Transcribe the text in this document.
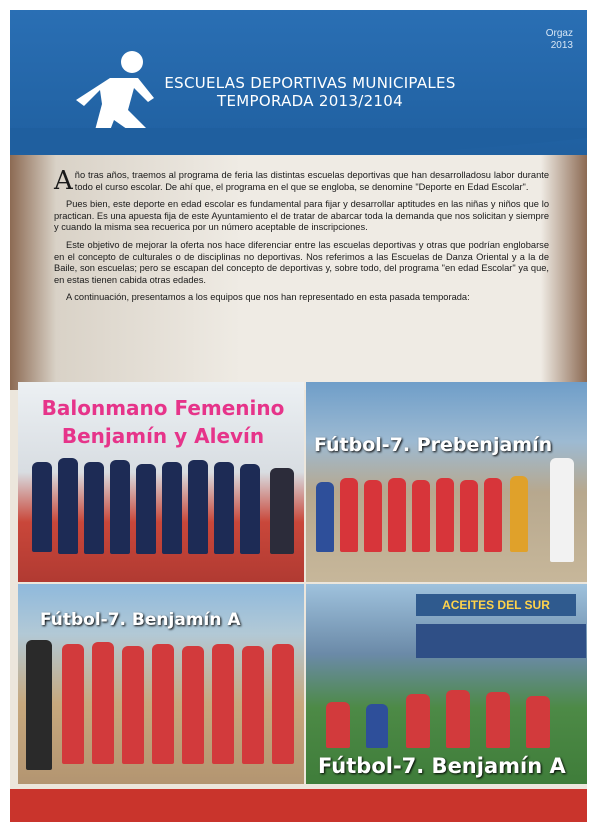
ESCUELAS DEPORTIVAS MUNICIPALES
TEMPORADA 2013/2104
Orgaz
2013

Año tras años, traemos al programa de feria las distintas escuelas deportivas que han desarrolladosu labor durante todo el curso escolar. De ahí que, el programa en el que se engloba, se denomine "Deporte en Edad Escolar".

Pues bien, este deporte en edad escolar es fundamental para fijar y desarrollar aptitudes en las niñas y niños que lo practican. Es una apuesta fija de este Ayuntamiento el de tratar de abarcar toda la demanda que nos solicitan y siempre y cuando la misma sea recuerica por un número aceptable de inscripciones.

Este objetivo de mejorar la oferta nos hace diferenciar entre las escuelas deportivas y otras que podrían englobarse en el concepto de culturales o de disciplinas no deportivas. Nos referimos a las Escuelas de Danza Oriental y a la de Baile, son escuelas; pero se escapan del concepto de deportivas y, sobre todo, del programa "en edad Escolar" ya que, en estas tienen cabida otras edades.

A continuación, presentamos a los equipos que nos han representado en esta pasada temporada:

Balonmano Femenino
Benjamín y Alevín	Fútbol-7. Prebenjamín
Fútbol-7. Benjamín A
ACEITES DEL SUR
Fútbol-7. Benjamín A
